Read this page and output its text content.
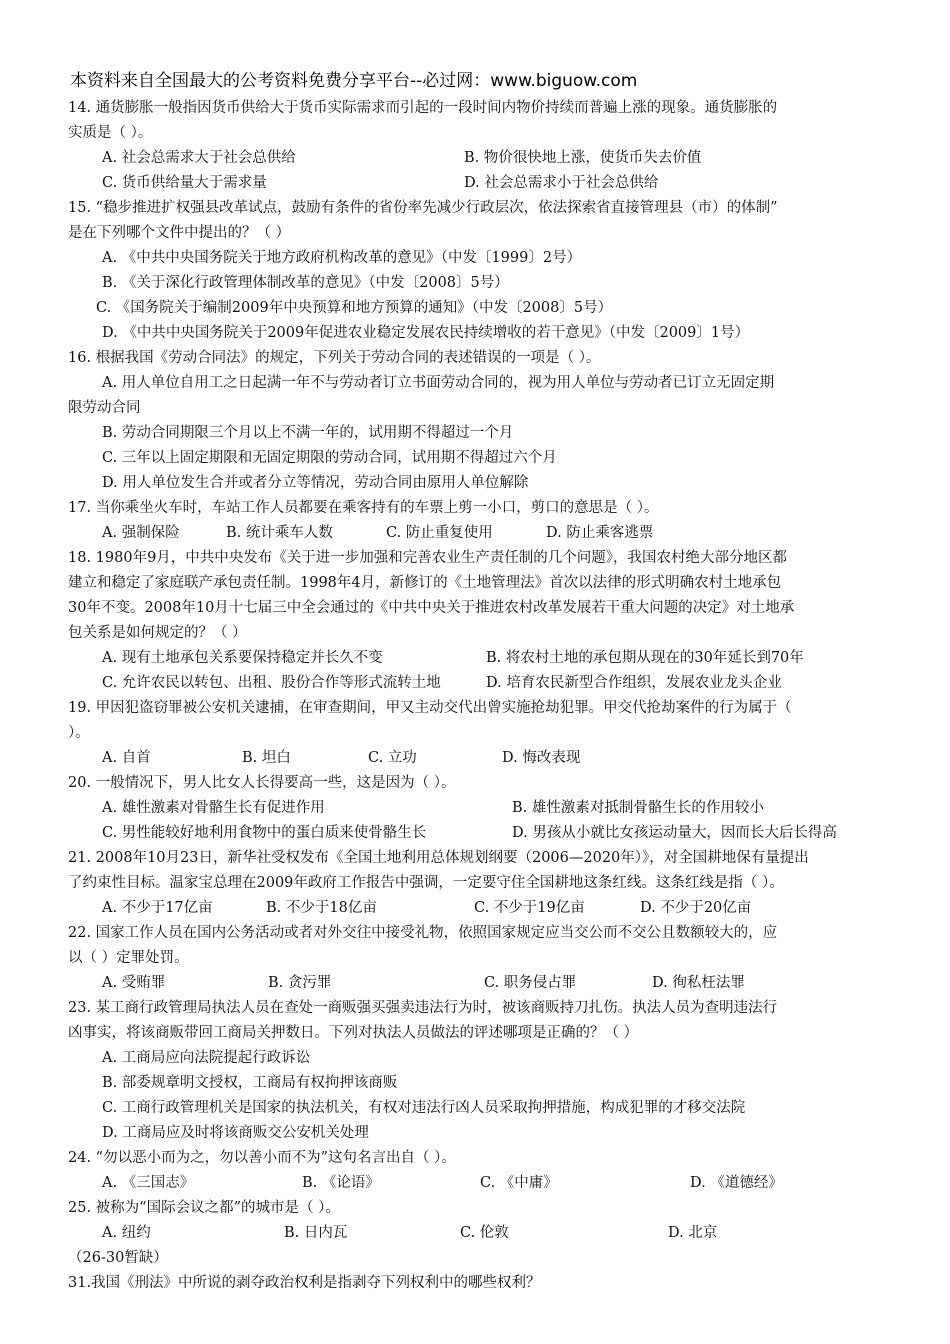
本资料来自全国最大的公考资料免费分享平台--必过网：www.biguow.com
14. 通货膨胀一般指因货币供给大于货币实际需求而引起的一段时间内物价持续而普遍上涨的现象。通货膨胀的
实质是（ ）。
A. 社会总需求大于社会总供给	B. 物价很快地上涨，使货币失去价值
C. 货币供给量大于需求量	D. 社会总需求小于社会总供给
15. “稳步推进扩权强县改革试点，鼓励有条件的省份率先减少行政层次，依法探索省直接管理县（市）的体制”
是在下列哪个文件中提出的？（ ）
A. 《中共中央国务院关于地方政府机构改革的意见》（中发〔1999〕2号）
B. 《关于深化行政管理体制改革的意见》（中发〔2008〕5号）
C. 《国务院关于编制2009年中央预算和地方预算的通知》（中发〔2008〕5号）
D. 《中共中央国务院关于2009年促进农业稳定发展农民持续增收的若干意见》（中发〔2009〕1号）
16. 根据我国《劳动合同法》的规定，下列关于劳动合同的表述错误的一项是（ ）。
A. 用人单位自用工之日起满一年不与劳动者订立书面劳动合同的，视为用人单位与劳动者已订立无固定期
限劳动合同
B. 劳动合同期限三个月以上不满一年的，试用期不得超过一个月
C. 三年以上固定期限和无固定期限的劳动合同，试用期不得超过六个月
D. 用人单位发生合并或者分立等情况，劳动合同由原用人单位解除
17. 当你乘坐火车时，车站工作人员都要在乘客持有的车票上剪一小口，剪口的意思是（ ）。
A. 强制保险	B. 统计乘车人数	C. 防止重复使用	D. 防止乘客逃票
18. 1980年9月，中共中央发布《关于进一步加强和完善农业生产责任制的几个问题》，我国农村绝大部分地区都
建立和稳定了家庭联产承包责任制。1998年4月，新修订的《土地管理法》首次以法律的形式明确农村土地承包
30年不变。2008年10月十七届三中全会通过的《中共中央关于推进农村改革发展若干重大问题的决定》对土地承
包关系是如何规定的？（ ）
A. 现有土地承包关系要保持稳定并长久不变	B. 将农村土地的承包期从现在的30年延长到70年
C. 允许农民以转包、出租、股份合作等形式流转土地	D. 培育农民新型合作组织，发展农业龙头企业
19. 甲因犯盗窃罪被公安机关逮捕，在审查期间，甲又主动交代出曾实施抢劫犯罪。甲交代抢劫案件的行为属于（
）。
A. 自首	B. 坦白	C. 立功	D. 悔改表现
20. 一般情况下，男人比女人长得要高一些，这是因为（ ）。
A. 雄性激素对骨骼生长有促进作用	B. 雄性激素对抵制骨骼生长的作用较小
C. 男性能较好地利用食物中的蛋白质来使骨骼生长	D. 男孩从小就比女孩运动量大，因而长大后长得高
21. 2008年10月23日，新华社受权发布《全国土地利用总体规划纲要（2006—2020年）》，对全国耕地保有量提出
了约束性目标。温家宝总理在2009年政府工作报告中强调，一定要守住全国耕地这条红线。这条红线是指（ ）。
A. 不少于17亿亩	B. 不少于18亿亩	C. 不少于19亿亩	D. 不少于20亿亩
22. 国家工作人员在国内公务活动或者对外交往中接受礼物，依照国家规定应当交公而不交公且数额较大的，应
以（ ）定罪处罚。
A. 受贿罪	B. 贪污罪	C. 职务侵占罪	D. 徇私枉法罪
23. 某工商行政管理局执法人员在查处一商贩强买强卖违法行为时，被该商贩持刀扎伤。执法人员为查明违法行
凶事实，将该商贩带回工商局关押数日。下列对执法人员做法的评述哪项是正确的？（ ）
A. 工商局应向法院提起行政诉讼
B. 部委规章明文授权，工商局有权拘押该商贩
C. 工商行政管理机关是国家的执法机关，有权对违法行凶人员采取拘押措施，构成犯罪的才移交法院
D. 工商局应及时将该商贩交公安机关处理
24. “勿以恶小而为之，勿以善小而不为”这句名言出自（ ）。
A. 《三国志》	B. 《论语》	C. 《中庸》	D. 《道德经》
25. 被称为“国际会议之都”的城市是（ ）。
A. 纽约	B. 日内瓦	C. 伦敦	D. 北京
（26-30暂缺）
31.我国《刑法》中所说的剥夺政治权利是指剥夺下列权利中的哪些权利？
